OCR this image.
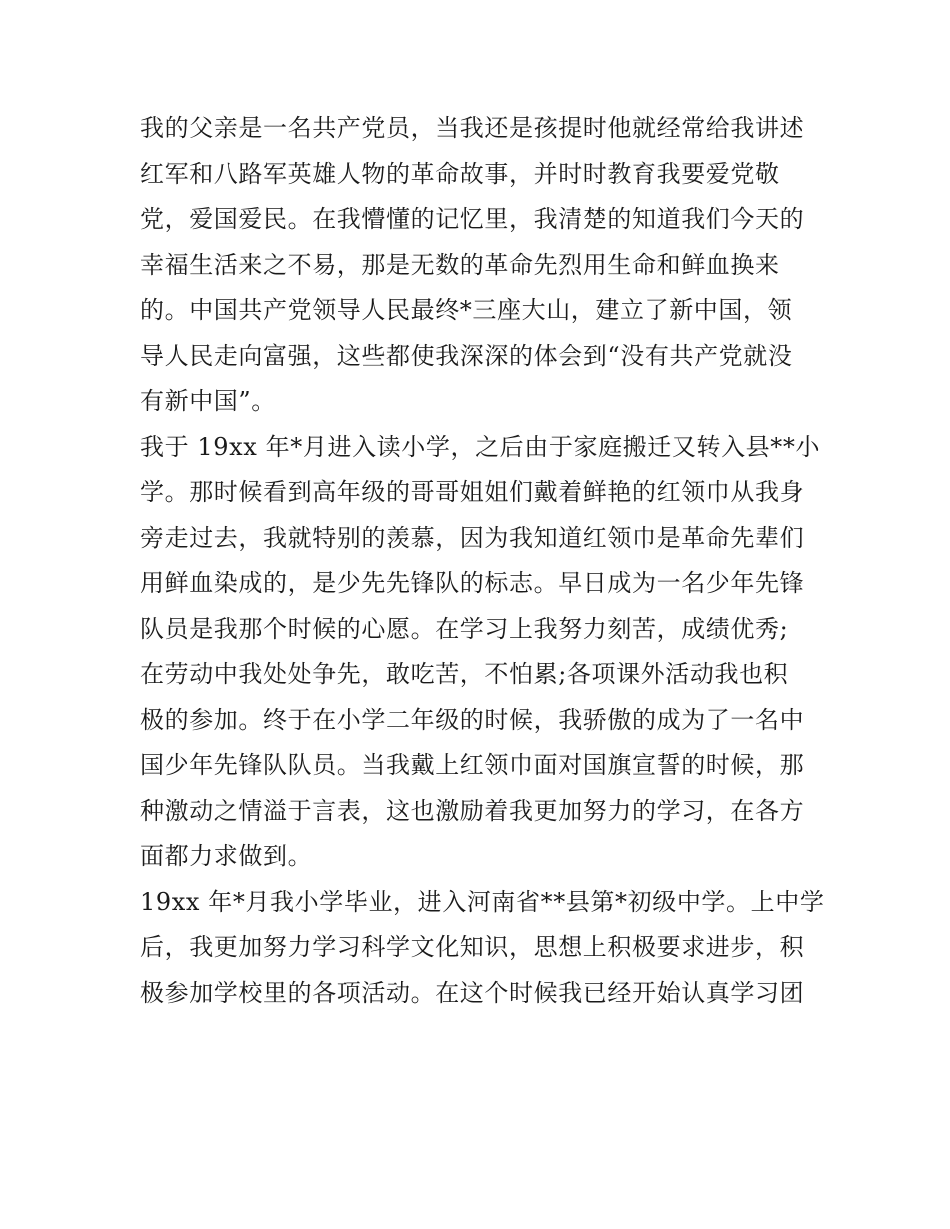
我的父亲是一名共产党员，当我还是孩提时他就经常给我讲述
红军和八路军英雄人物的革命故事，并时时教育我要爱党敬
党，爱国爱民。在我懵懂的记忆里，我清楚的知道我们今天的
幸福生活来之不易，那是无数的革命先烈用生命和鲜血换来
的。中国共产党领导人民最终*三座大山，建立了新中国，领
导人民走向富强，这些都使我深深的体会到“没有共产党就没
有新中国”。
我于 19xx 年*月进入读小学，之后由于家庭搬迁又转入县**小
学。那时候看到高年级的哥哥姐姐们戴着鲜艳的红领巾从我身
旁走过去，我就特别的羡慕，因为我知道红领巾是革命先辈们
用鲜血染成的，是少先先锋队的标志。早日成为一名少年先锋
队员是我那个时候的心愿。在学习上我努力刻苦，成绩优秀;
在劳动中我处处争先，敢吃苦，不怕累;各项课外活动我也积
极的参加。终于在小学二年级的时候，我骄傲的成为了一名中
国少年先锋队队员。当我戴上红领巾面对国旗宣誓的时候，那
种激动之情溢于言表，这也激励着我更加努力的学习，在各方
面都力求做到。
19xx 年*月我小学毕业，进入河南省**县第*初级中学。上中学
后，我更加努力学习科学文化知识，思想上积极要求进步，积
极参加学校里的各项活动。在这个时候我已经开始认真学习团
